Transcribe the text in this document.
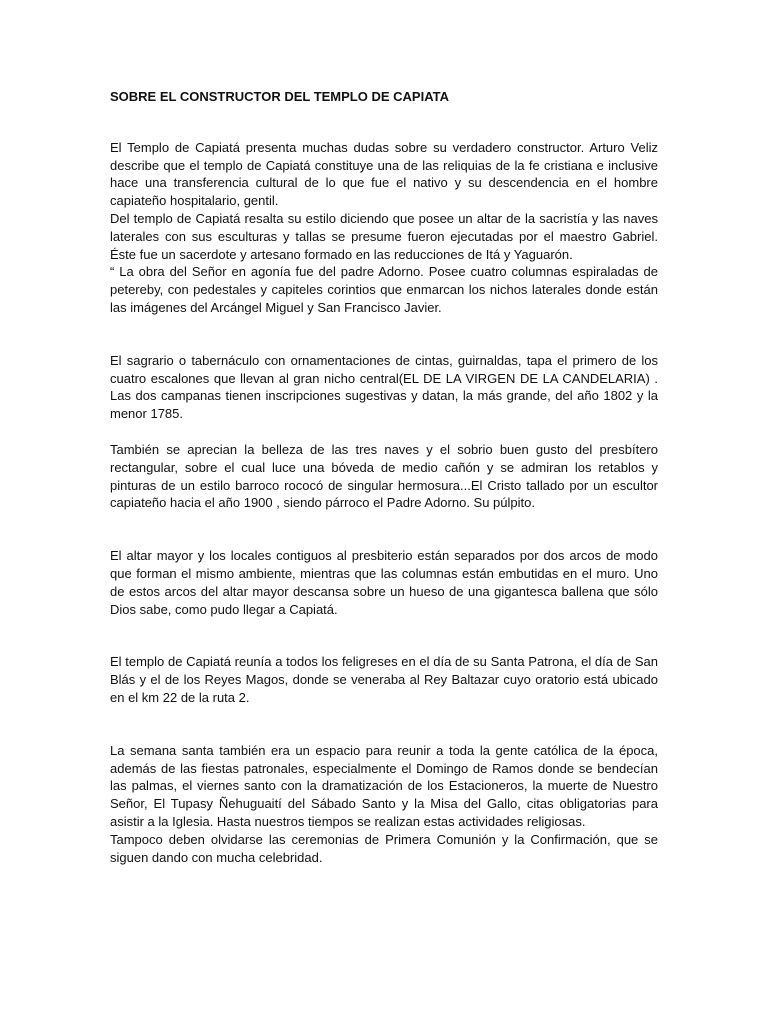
SOBRE EL CONSTRUCTOR DEL TEMPLO DE CAPIATA

El Templo de Capiatá presenta muchas dudas sobre su verdadero constructor. Arturo Veliz describe que el templo de Capiatá constituye una de las reliquias de la fe cristiana e inclusive hace una transferencia cultural de lo que fue el nativo y su descendencia en el hombre capiateño hospitalario, gentil.

Del templo de Capiatá resalta su estilo diciendo que posee un altar de la sacristía y las naves laterales con sus esculturas y tallas se presume fueron ejecutadas por el maestro Gabriel. Éste fue un sacerdote y artesano formado en las reducciones de Itá y Yaguarón.

“ La obra del Señor en agonía fue del padre Adorno. Posee cuatro columnas espiraladas de petereby, con pedestales y capiteles corintios que enmarcan los nichos laterales donde están las imágenes del Arcángel Miguel y San Francisco Javier.

El sagrario o tabernáculo con ornamentaciones de cintas, guirnaldas, tapa el primero de los cuatro escalones que llevan al gran nicho central(EL DE LA VIRGEN DE LA CANDELARIA) . Las dos campanas tienen inscripciones sugestivas y datan, la más grande, del año 1802 y la menor 1785.

También se aprecian la belleza de las tres naves y el sobrio buen gusto del presbítero rectangular, sobre el cual luce una bóveda de medio cañón y se admiran los retablos y pinturas de un estilo barroco rococó de singular hermosura...El Cristo tallado por un escultor capiateño hacia el año 1900 , siendo párroco el Padre Adorno. Su púlpito.

El altar mayor y los locales contiguos al presbiterio están separados por dos arcos de modo que forman el mismo ambiente, mientras que las columnas están embutidas en el muro. Uno de estos arcos del altar mayor descansa sobre un hueso de una gigantesca ballena que sólo Dios sabe, como pudo llegar a Capiatá.

El templo de Capiatá reunía a todos los feligreses en el día de su Santa Patrona, el día de San Blás y el de los Reyes Magos, donde se veneraba al Rey Baltazar cuyo oratorio está ubicado en el km 22 de la ruta 2.

La semana santa también era un espacio para reunir a toda la gente católica de la época, además de las fiestas patronales, especialmente el Domingo de Ramos donde se bendecían las palmas, el viernes santo con la dramatización de los Estacioneros, la muerte de Nuestro Señor, El Tupasy Ñehuguaití del Sábado Santo y la Misa del Gallo, citas obligatorias para asistir a la Iglesia. Hasta nuestros tiempos se realizan estas actividades religiosas.

Tampoco deben olvidarse las ceremonias de Primera Comunión y la Confirmación, que se siguen dando con mucha celebridad.
